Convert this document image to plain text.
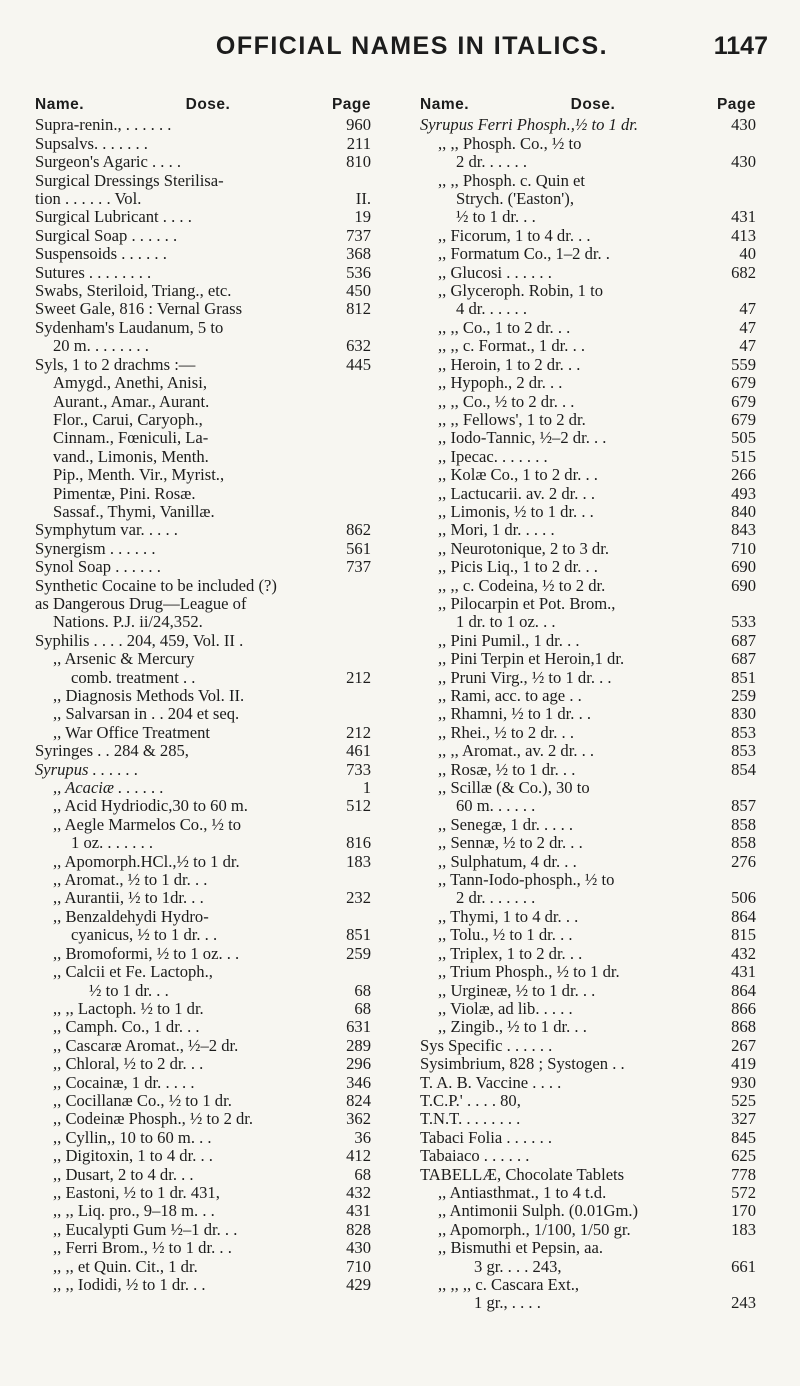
OFFICIAL NAMES IN ITALICS.	1147
Name.	Dose.	Page
Supra-renin., . . . . . .	960
Supsalvs. . . . . . .	211
Surgeon's Agaric . . . .	810
Surgical Dressings Sterilisa-
tion . . . . . . Vol.	II.
Surgical Lubricant . . . .	19
Surgical Soap . . . . . .	737
Suspensoids . . . . . .	368
Sutures . . . . . . . .	536
Swabs, Steriloid, Triang., etc.	450
Sweet Gale, 816 : Vernal Grass	812
Sydenham's Laudanum, 5 to
20 m. . . . . . . .	632
Syls, 1 to 2 drachms :—	445
Amygd., Anethi, Anisi,
Aurant., Amar., Aurant.
Flor., Carui, Caryoph.,
Cinnam., Fœniculi, La-
vand., Limonis, Menth.
Pip., Menth. Vir., Myrist.,
Pimentæ, Pini. Rosæ.
Sassaf., Thymi, Vanillæ.
Symphytum var. . . . .	862
Synergism . . . . . .	561
Synol Soap . . . . . .	737
Synthetic Cocaine to be included (?)
as Dangerous Drug—League of
Nations. P.J. ii/24,352.
Syphilis . . . . 204, 459, Vol. II .
,, Arsenic & Mercury
comb. treatment . .	212
,, Diagnosis Methods Vol. II.
,, Salvarsan in . . 204 et seq.
,, War Office Treatment	212
Syringes . . 284 & 285,	461
Syrupus . . . . . .	733
,, Acaciæ . . . . . .	1
,, Acid Hydriodic,30 to 60 m.	512
,, Aegle Marmelos Co., ½ to
1 oz. . . . . . .	816
,, Apomorph.HCl.,½ to 1 dr.	183
,, Aromat., ½ to 1 dr. . .
,, Aurantii, ½ to 1dr. . .	232
,, Benzaldehydi Hydro-
cyanicus, ½ to 1 dr. . .	851
,, Bromoformi, ½ to 1 oz. . .	259
,, Calcii et Fe. Lactoph.,
½ to 1 dr. . .	68
,, ,, Lactoph. ½ to 1 dr.	68
,, Camph. Co., 1 dr. . .	631
,, Cascaræ Aromat., ½–2 dr.	289
,, Chloral, ½ to 2 dr. . .	296
,, Cocainæ, 1 dr. . . . .	346
,, Cocillanæ Co., ½ to 1 dr.	824
,, Codeinæ Phosph., ½ to 2 dr.	362
,, Cyllin,, 10 to 60 m. . .	36
,, Digitoxin, 1 to 4 dr. . .	412
,, Dusart, 2 to 4 dr. . .	68
,, Eastoni, ½ to 1 dr. 431,	432
,, ,, Liq. pro., 9–18 m. . .	431
,, Eucalypti Gum ½–1 dr. . .	828
,, Ferri Brom., ½ to 1 dr. . .	430
,, ,, et Quin. Cit., 1 dr.	710
,, ,, Iodidi, ½ to 1 dr. . .	429
Name.	Dose.	Page
Syrupus Ferri Phosph.,½ to 1 dr.	430
,, ,, Phosph. Co., ½ to
2 dr. . . . . .	430
,, ,, Phosph. c. Quin et
Strych. ('Easton'),
½ to 1 dr. . .	431
,, Ficorum, 1 to 4 dr. . .	413
,, Formatum Co., 1–2 dr. .	40
,, Glucosi . . . . . .	682
,, Glyceroph. Robin, 1 to
4 dr. . . . . .	47
,, ,, Co., 1 to 2 dr. . .	47
,, ,, c. Format., 1 dr. . .	47
,, Heroin, 1 to 2 dr. . .	559
,, Hypoph., 2 dr. . .	679
,, ,, Co., ½ to 2 dr. . .	679
,, ,, Fellows', 1 to 2 dr.	679
,, Iodo-Tannic, ½–2 dr. . .	505
,, Ipecac. . . . . . .	515
,, Kolæ Co., 1 to 2 dr. . .	266
,, Lactucarii. av. 2 dr. . .	493
,, Limonis, ½ to 1 dr. . .	840
,, Mori, 1 dr. . . . .	843
,, Neurotonique, 2 to 3 dr.	710
,, Picis Liq., 1 to 2 dr. . .	690
,, ,, c. Codeina, ½ to 2 dr.	690
,, Pilocarpin et Pot. Brom.,
1 dr. to 1 oz. . .	533
,, Pini Pumil., 1 dr. . .	687
,, Pini Terpin et Heroin,1 dr.	687
,, Pruni Virg., ½ to 1 dr. . .	851
,, Rami, acc. to age . .	259
,, Rhamni, ½ to 1 dr. . .	830
,, Rhei., ½ to 2 dr. . .	853
,, ,, Aromat., av. 2 dr. . .	853
,, Rosæ, ½ to 1 dr. . .	854
,, Scillæ (& Co.), 30 to
60 m. . . . . .	857
,, Senegæ, 1 dr. . . . .	858
,, Sennæ, ½ to 2 dr. . .	858
,, Sulphatum, 4 dr. . .	276
,, Tann-Iodo-phosph., ½ to
2 dr. . . . . . .	506
,, Thymi, 1 to 4 dr. . .	864
,, Tolu., ½ to 1 dr. . .	815
,, Triplex, 1 to 2 dr. . .	432
,, Trium Phosph., ½ to 1 dr.	431
,, Urgineæ, ½ to 1 dr. . .	864
,, Violæ, ad lib. . . . .	866
,, Zingib., ½ to 1 dr. . .	868
Sys Specific . . . . . .	267
Sysimbrium, 828 ; Systogen . .	419
T. A. B. Vaccine . . . .	930
T.C.P.' . . . . 80,	525
T.N.T. . . . . . . .	327
Tabaci Folia . . . . . .	845
Tabaiaco . . . . . .	625
TABELLÆ, Chocolate Tablets	778
,, Antiasthmat., 1 to 4 t.d.	572
,, Antimonii Sulph. (0.01Gm.)	170
,, Apomorph., 1/100, 1/50 gr.	183
,, Bismuthi et Pepsin, aa.
3 gr. . . . 243,	661
,, ,, ,, c. Cascara Ext.,
1 gr., . . . .	243
